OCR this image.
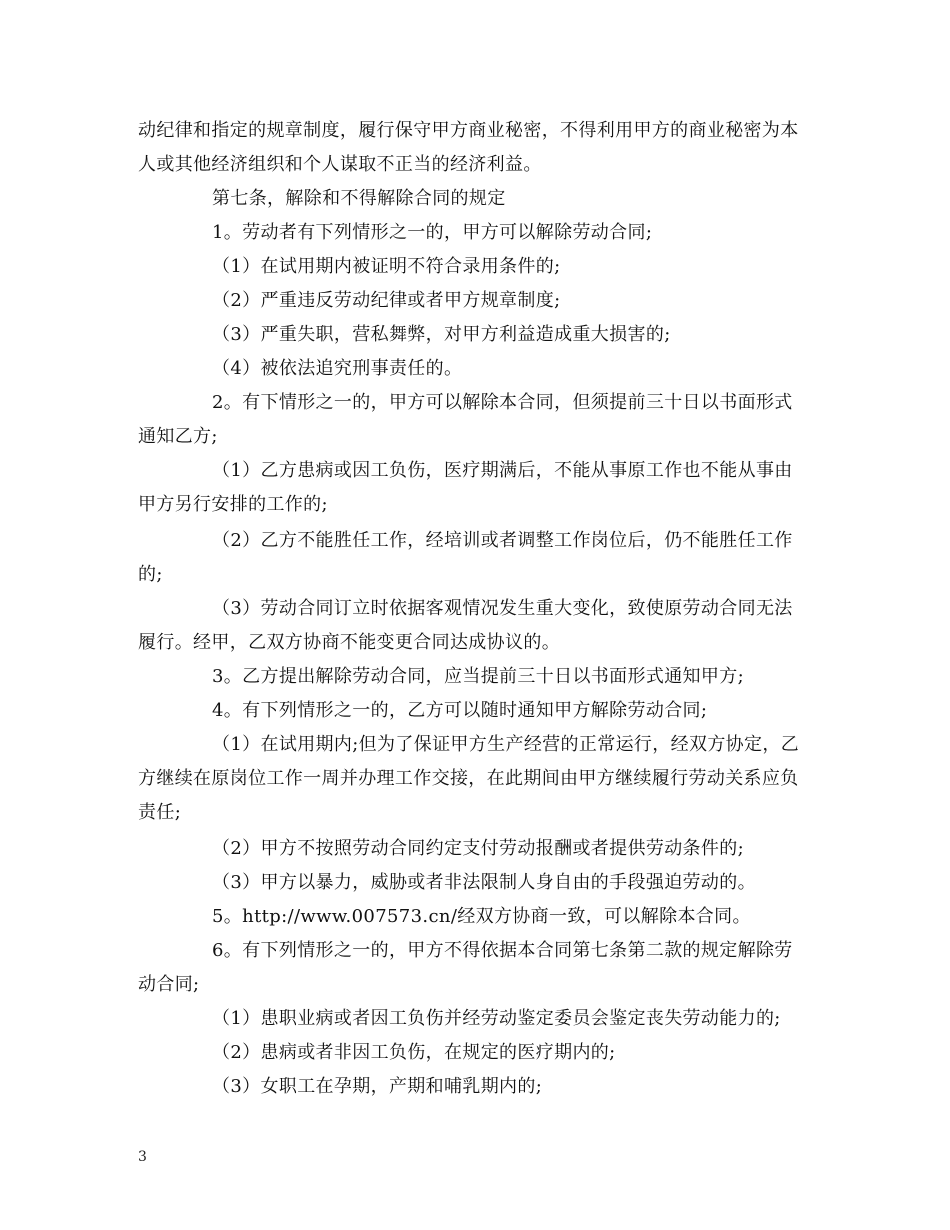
动纪律和指定的规章制度，履行保守甲方商业秘密，不得利用甲方的商业秘密为本
人或其他经济组织和个人谋取不正当的经济利益。
第七条，解除和不得解除合同的规定
1。劳动者有下列情形之一的，甲方可以解除劳动合同;
（1）在试用期内被证明不符合录用条件的;
（2）严重违反劳动纪律或者甲方规章制度;
（3）严重失职，营私舞弊，对甲方利益造成重大损害的;
（4）被依法追究刑事责任的。
2。有下情形之一的，甲方可以解除本合同，但须提前三十日以书面形式
通知乙方;
（1）乙方患病或因工负伤，医疗期满后，不能从事原工作也不能从事由
甲方另行安排的工作的;
（2）乙方不能胜任工作，经培训或者调整工作岗位后，仍不能胜任工作
的;
（3）劳动合同订立时依据客观情况发生重大变化，致使原劳动合同无法
履行。经甲，乙双方协商不能变更合同达成协议的。
3。乙方提出解除劳动合同，应当提前三十日以书面形式通知甲方;
4。有下列情形之一的，乙方可以随时通知甲方解除劳动合同;
（1）在试用期内;但为了保证甲方生产经营的正常运行，经双方协定，乙
方继续在原岗位工作一周并办理工作交接，在此期间由甲方继续履行劳动关系应负
责任;
（2）甲方不按照劳动合同约定支付劳动报酬或者提供劳动条件的;
（3）甲方以暴力，威胁或者非法限制人身自由的手段强迫劳动的。
5。http://www.007573.cn/经双方协商一致，可以解除本合同。
6。有下列情形之一的，甲方不得依据本合同第七条第二款的规定解除劳
动合同;
（1）患职业病或者因工负伤并经劳动鉴定委员会鉴定丧失劳动能力的;
（2）患病或者非因工负伤，在规定的医疗期内的;
（3）女职工在孕期，产期和哺乳期内的;
3
